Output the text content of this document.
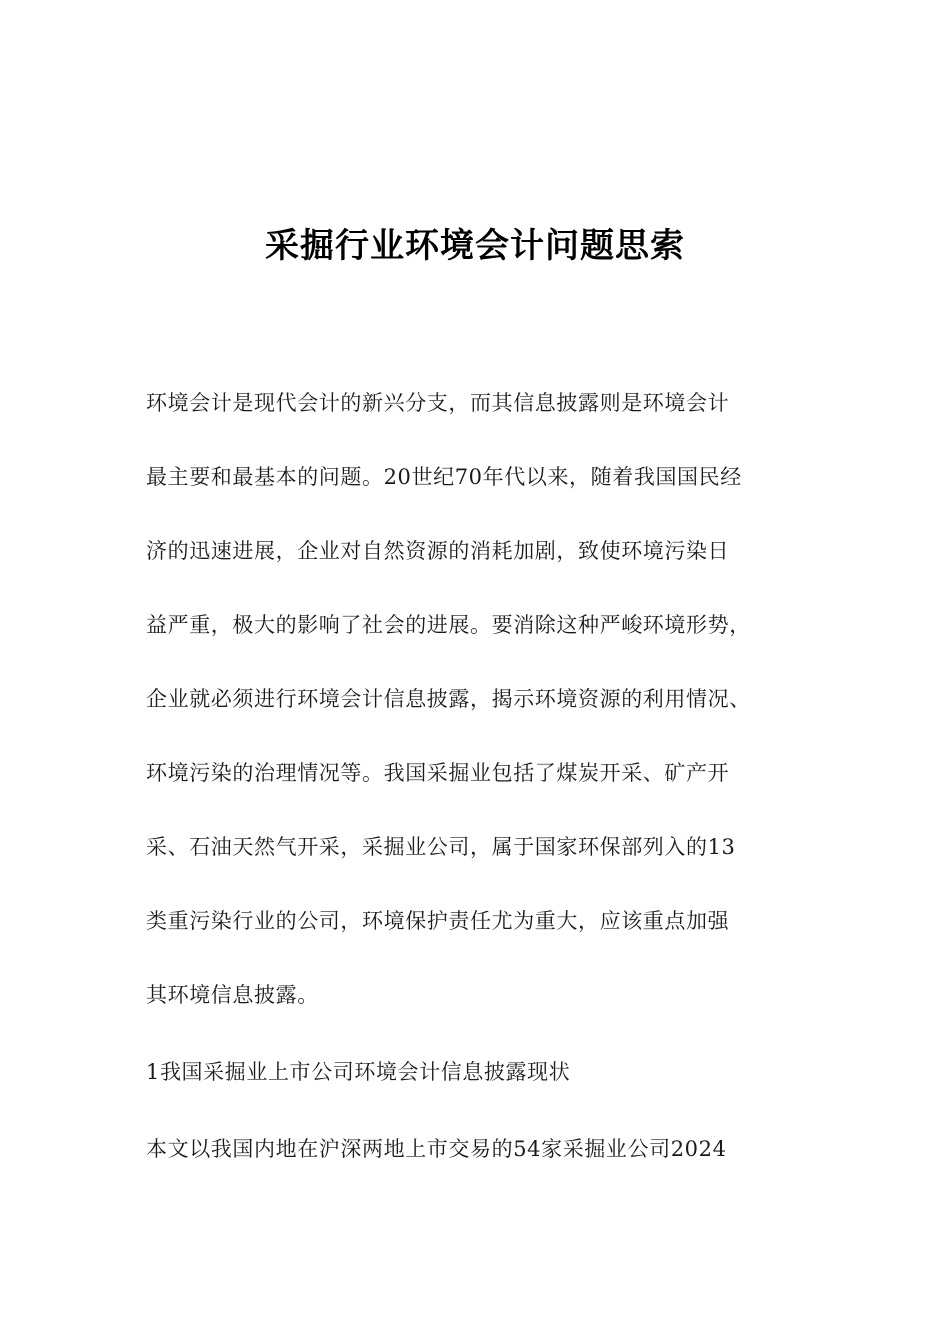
采掘行业环境会计问题思索
环境会计是现代会计的新兴分支，而其信息披露则是环境会计
最主要和最基本的问题。20世纪70年代以来，随着我国国民经
济的迅速进展，企业对自然资源的消耗加剧，致使环境污染日
益严重，极大的影响了社会的进展。要消除这种严峻环境形势，
企业就必须进行环境会计信息披露，揭示环境资源的利用情况、
环境污染的治理情况等。我国采掘业包括了煤炭开采、矿产开
采、石油天然气开采，采掘业公司，属于国家环保部列入的13
类重污染行业的公司，环境保护责任尤为重大，应该重点加强
其环境信息披露。
1我国采掘业上市公司环境会计信息披露现状
本文以我国内地在沪深两地上市交易的54家采掘业公司2024
